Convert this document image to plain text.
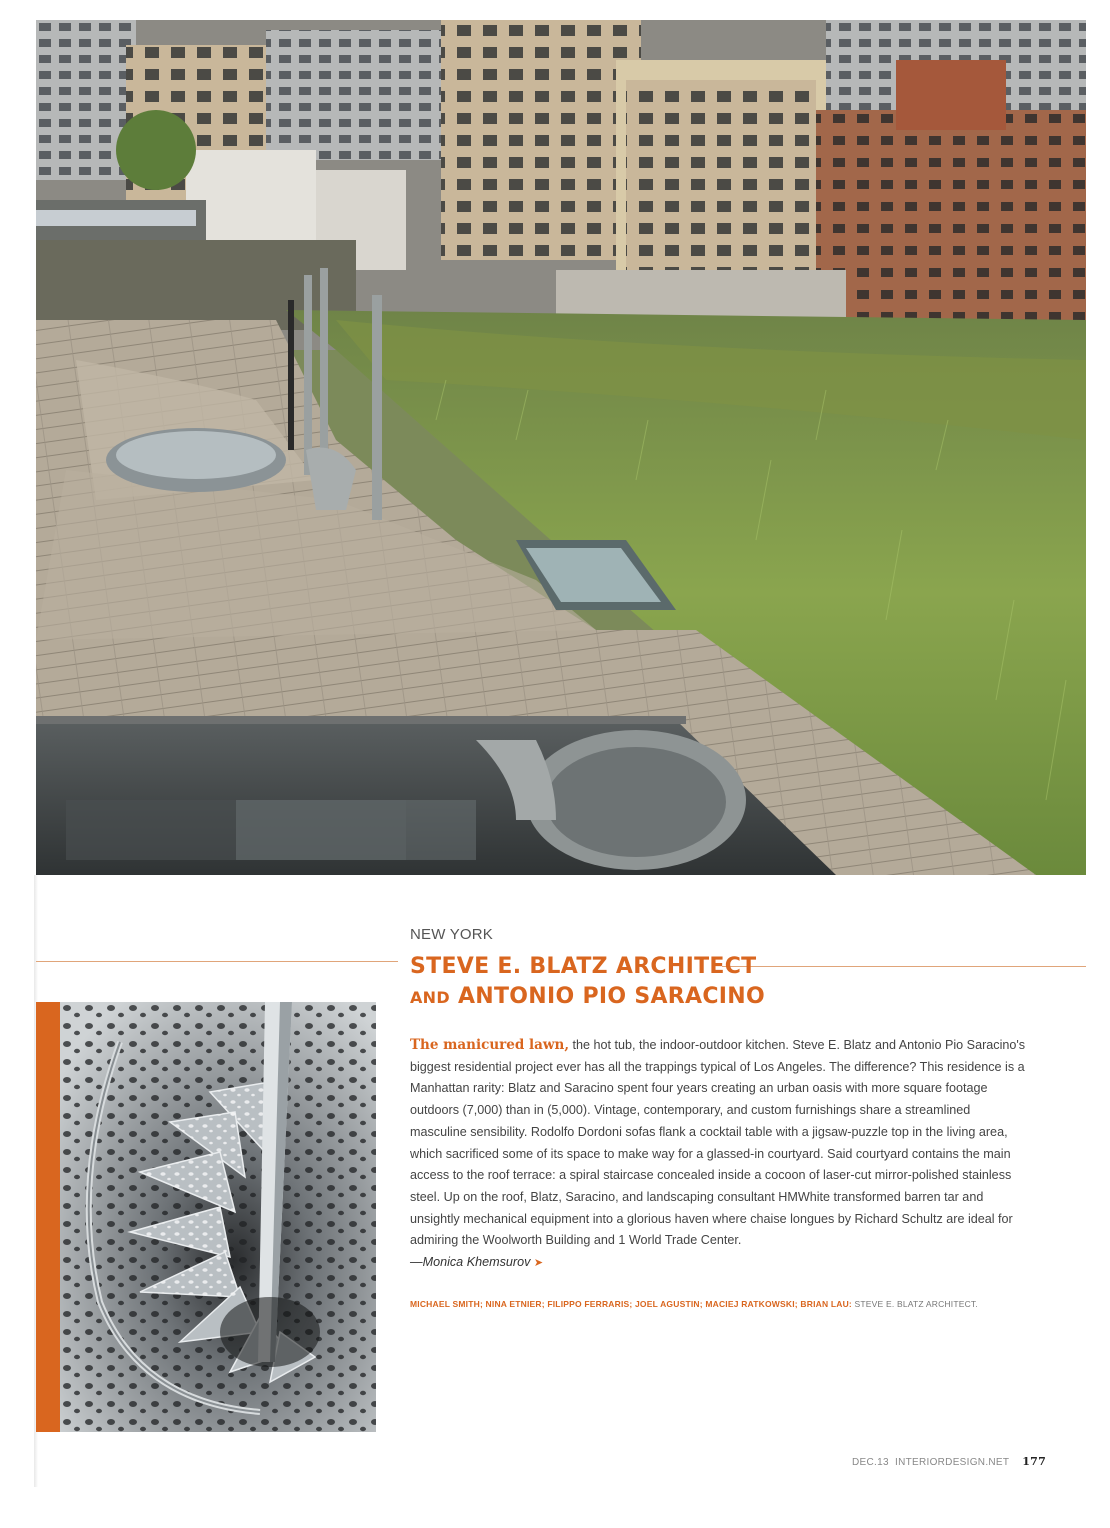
NEW YORK
STEVE E. BLATZ ARCHITECT
AND ANTONIO PIO SARACINO
The manicured lawn, the hot tub, the indoor-outdoor kitchen. Steve E. Blatz and Antonio Pio Saracino's biggest residential project ever has all the trappings typical of Los Angeles. The difference? This residence is a Manhattan rarity: Blatz and Saracino spent four years creating an urban oasis with more square footage outdoors (7,000) than in (5,000). Vintage, contemporary, and custom furnishings share a streamlined masculine sensibility. Rodolfo Dordoni sofas flank a cocktail table with a jigsaw-puzzle top in the living area, which sacrificed some of its space to make way for a glassed-in courtyard. Said courtyard contains the main access to the roof terrace: a spiral staircase concealed inside a cocoon of laser-cut mirror-polished stainless steel. Up on the roof, Blatz, Saracino, and landscaping consultant HMWhite transformed barren tar and unsightly mechanical equipment into a glorious haven where chaise longues by Richard Schultz are ideal for admiring the Woolworth Building and 1 World Trade Center.
—Monica Khemsurov ➤
MICHAEL SMITH; NINA ETNIER; FILIPPO FERRARIS; JOEL AGUSTIN; MACIEJ RATKOWSKI; BRIAN LAU: STEVE E. BLATZ ARCHITECT.
DEC.13 INTERIORDESIGN.NET 177
